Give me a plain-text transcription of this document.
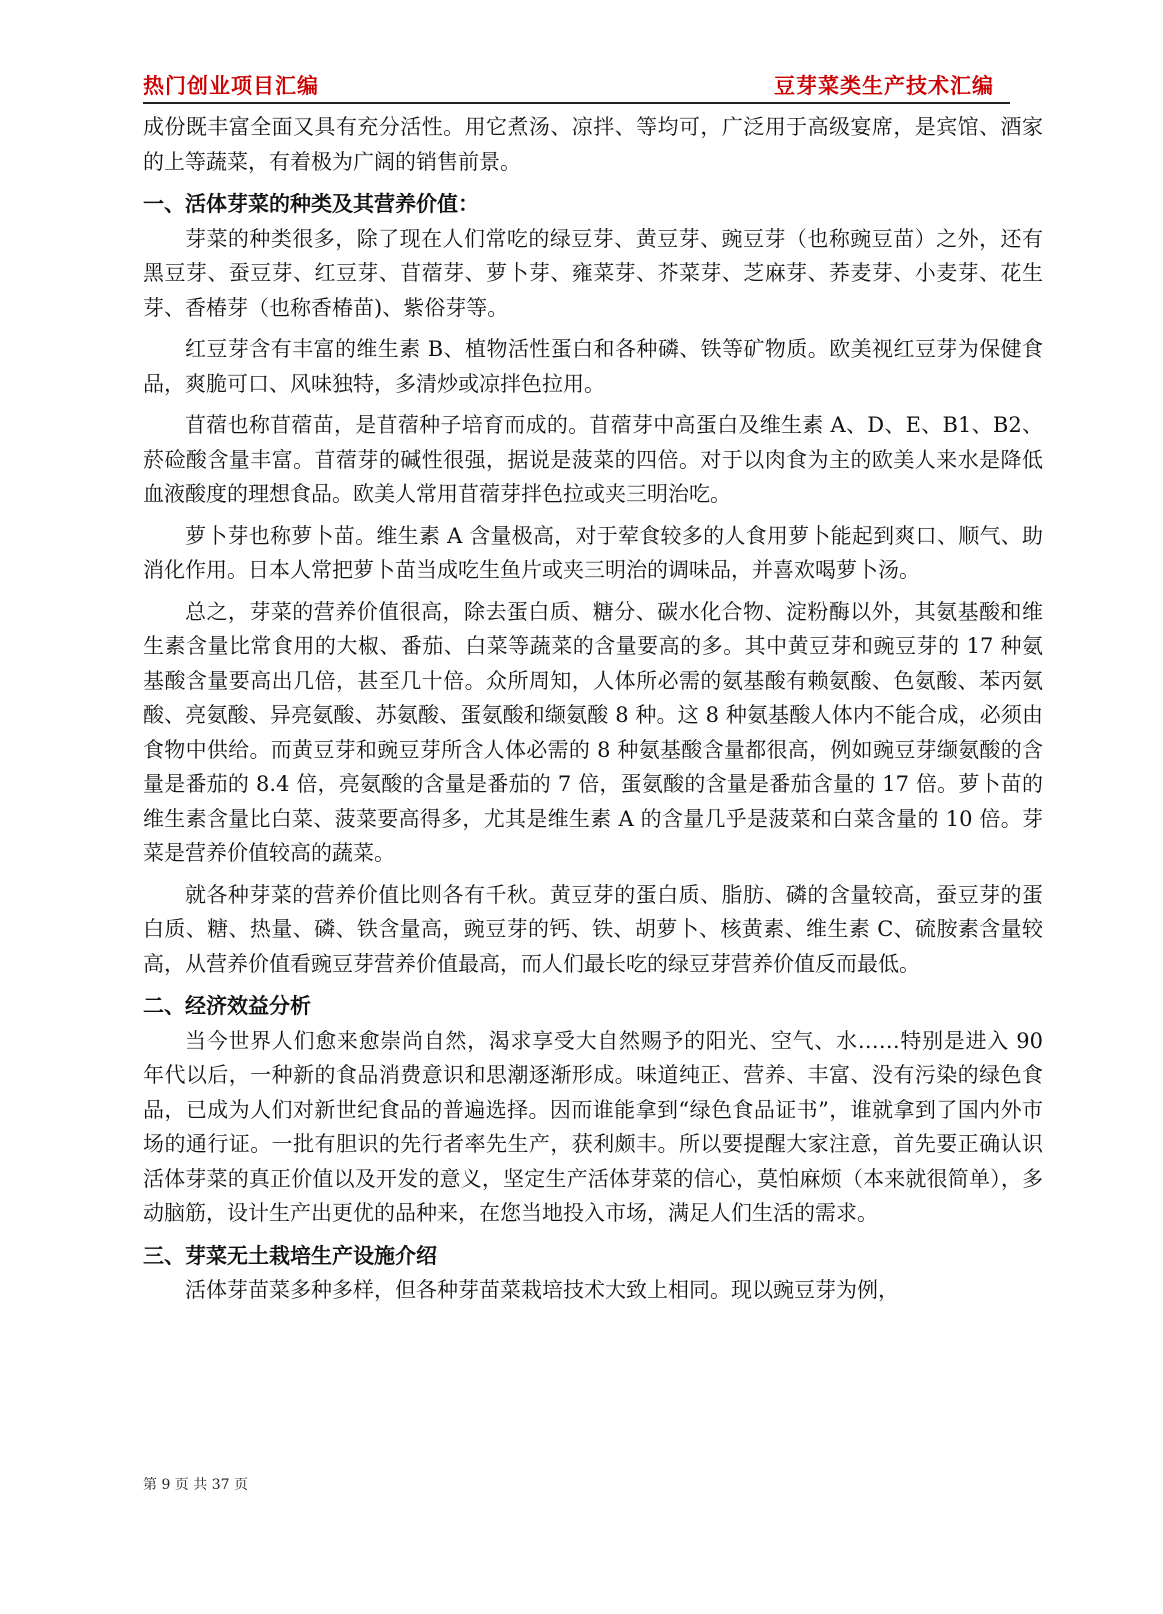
热门创业项目汇编	豆芽菜类生产技术汇编

成份既丰富全面又具有充分活性。用它煮汤、凉拌、等均可，广泛用于高级宴席，是宾馆、酒家的上等蔬菜，有着极为广阔的销售前景。

一、活体芽菜的种类及其营养价值：

芽菜的种类很多，除了现在人们常吃的绿豆芽、黄豆芽、豌豆芽（也称豌豆苗）之外，还有黑豆芽、蚕豆芽、红豆芽、苜蓿芽、萝卜芽、雍菜芽、芥菜芽、芝麻芽、荞麦芽、小麦芽、花生芽、香椿芽（也称香椿苗)、紫俗芽等。

红豆芽含有丰富的维生素 B、植物活性蛋白和各种磷、铁等矿物质。欧美视红豆芽为保健食品，爽脆可口、风味独特，多清炒或凉拌色拉用。

苜蓿也称苜蓿苗，是苜蓿种子培育而成的。苜蓿芽中高蛋白及维生素 A、D、E、B1、B2、菸硷酸含量丰富。苜蓿芽的碱性很强，据说是菠菜的四倍。对于以肉食为主的欧美人来水是降低血液酸度的理想食品。欧美人常用苜蓿芽拌色拉或夹三明治吃。

萝卜芽也称萝卜苗。维生素 A 含量极高，对于荤食较多的人食用萝卜能起到爽口、顺气、助消化作用。日本人常把萝卜苗当成吃生鱼片或夹三明治的调味品，并喜欢喝萝卜汤。

总之，芽菜的营养价值很高，除去蛋白质、糖分、碳水化合物、淀粉酶以外，其氨基酸和维生素含量比常食用的大椒、番茄、白菜等蔬菜的含量要高的多。其中黄豆芽和豌豆芽的 17 种氨基酸含量要高出几倍，甚至几十倍。众所周知，人体所必需的氨基酸有赖氨酸、色氨酸、苯丙氨酸、亮氨酸、异亮氨酸、苏氨酸、蛋氨酸和缬氨酸 8 种。这 8 种氨基酸人体内不能合成，必须由食物中供给。而黄豆芽和豌豆芽所含人体必需的 8 种氨基酸含量都很高，例如豌豆芽缬氨酸的含量是番茄的 8.4 倍，亮氨酸的含量是番茄的 7 倍，蛋氨酸的含量是番茄含量的 17 倍。萝卜苗的维生素含量比白菜、菠菜要高得多，尤其是维生素 A 的含量几乎是菠菜和白菜含量的 10 倍。芽菜是营养价值较高的蔬菜。

就各种芽菜的营养价值比则各有千秋。黄豆芽的蛋白质、脂肪、磷的含量较高，蚕豆芽的蛋白质、糖、热量、磷、铁含量高，豌豆芽的钙、铁、胡萝卜、核黄素、维生素 C、硫胺素含量较高，从营养价值看豌豆芽营养价值最高，而人们最长吃的绿豆芽营养价值反而最低。

二、经济效益分析

当今世界人们愈来愈崇尚自然，渴求享受大自然赐予的阳光、空气、水……特别是进入 90 年代以后，一种新的食品消费意识和思潮逐渐形成。味道纯正、营养、丰富、没有污染的绿色食品，已成为人们对新世纪食品的普遍选择。因而谁能拿到“绿色食品证书”，谁就拿到了国内外市场的通行证。一批有胆识的先行者率先生产，获利颇丰。所以要提醒大家注意，首先要正确认识活体芽菜的真正价值以及开发的意义，坚定生产活体芽菜的信心，莫怕麻烦（本来就很简单），多动脑筋，设计生产出更优的品种来，在您当地投入市场，满足人们生活的需求。

三、芽菜无土栽培生产设施介绍

活体芽苗菜多种多样，但各种芽苗菜栽培技术大致上相同。现以豌豆芽为例，

第 9 页 共 37 页
